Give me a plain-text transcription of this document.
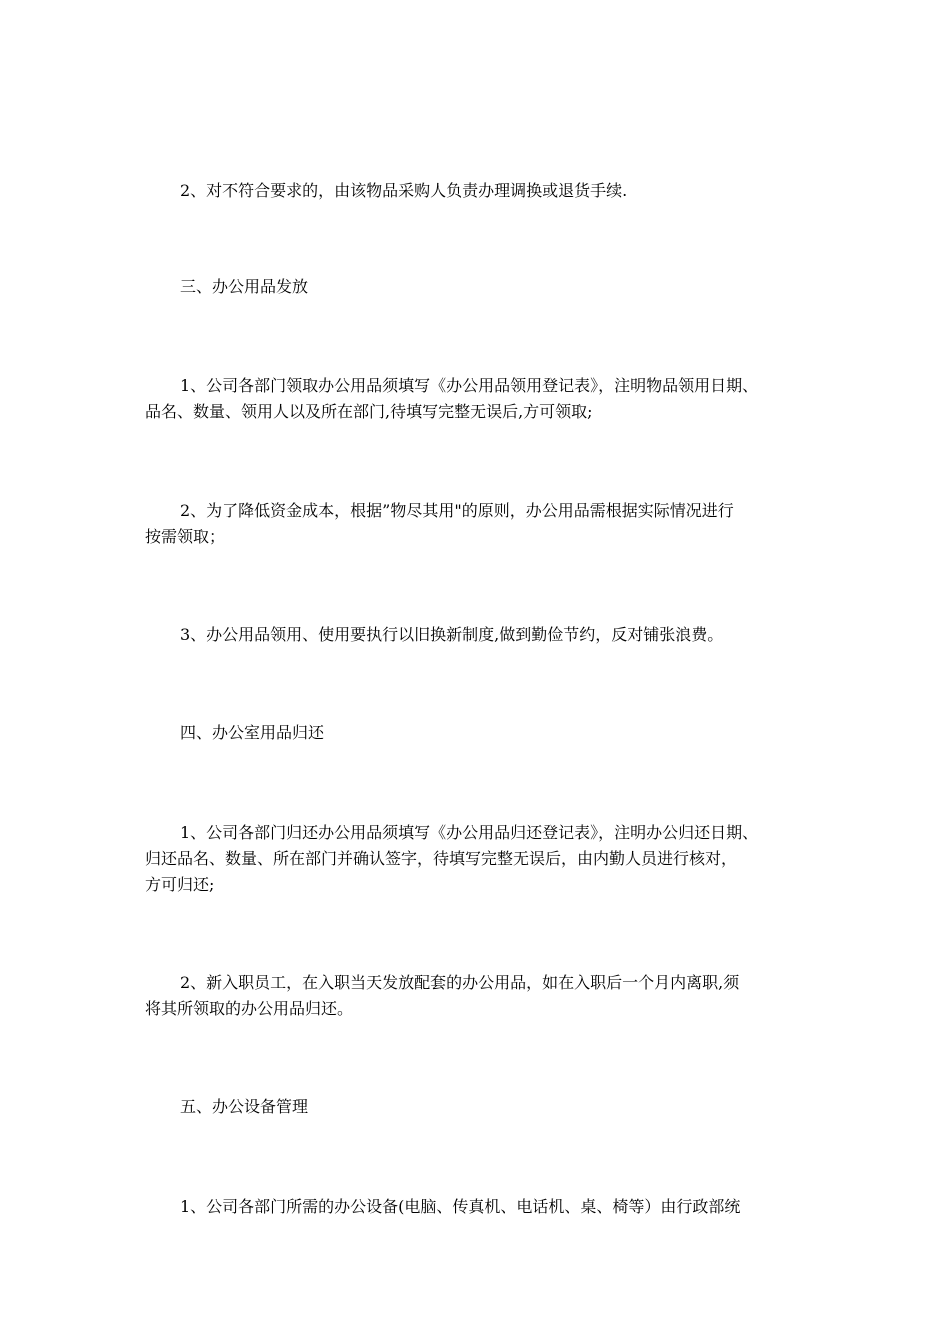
2、对不符合要求的，由该物品采购人负责办理调换或退货手续.
三、办公用品发放
1、公司各部门领取办公用品须填写《办公用品领用登记表》，注明物品领用日期、
品名、数量、领用人以及所在部门,待填写完整无误后,方可领取;
2、为了降低资金成本，根据”物尽其用"的原则，办公用品需根据实际情况进行
按需领取；
3、办公用品领用、使用要执行以旧换新制度,做到勤俭节约，反对铺张浪费。
四、办公室用品归还
1、公司各部门归还办公用品须填写《办公用品归还登记表》，注明办公归还日期、
归还品名、数量、所在部门并确认签字，待填写完整无误后，由内勤人员进行核对，
方可归还;
2、新入职员工，在入职当天发放配套的办公用品，如在入职后一个月内离职,须
将其所领取的办公用品归还。
五、办公设备管理
1、公司各部门所需的办公设备(电脑、传真机、电话机、桌、椅等）由行政部统
